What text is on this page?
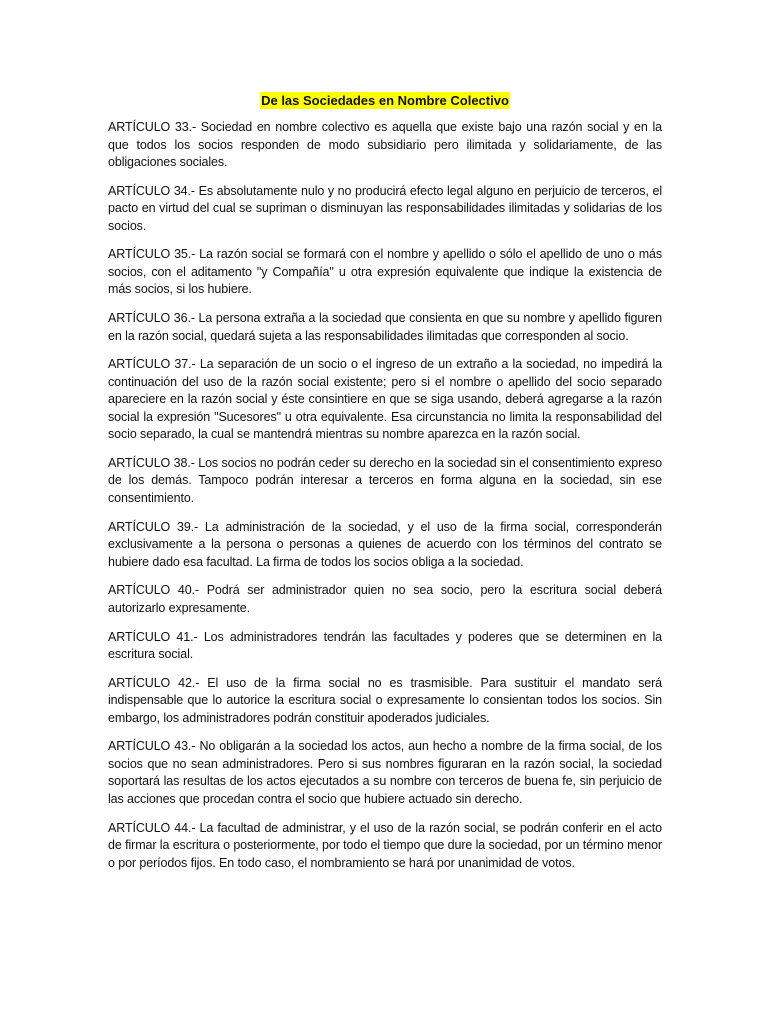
De las Sociedades en Nombre Colectivo

ARTÍCULO 33.- Sociedad en nombre colectivo es aquella que existe bajo una razón social y en la que todos los socios responden de modo subsidiario pero ilimitada y solidariamente, de las obligaciones sociales.

ARTÍCULO 34.- Es absolutamente nulo y no producirá efecto legal alguno en perjuicio de terceros, el pacto en virtud del cual se supriman o disminuyan las responsabilidades ilimitadas y solidarias de los socios.

ARTÍCULO 35.- La razón social se formará con el nombre y apellido o sólo el apellido de uno o más socios, con el aditamento "y Compañía" u otra expresión equivalente que indique la existencia de más socios, si los hubiere.

ARTÍCULO 36.- La persona extraña a la sociedad que consienta en que su nombre y apellido figuren en la razón social, quedará sujeta a las responsabilidades ilimitadas que corresponden al socio.

ARTÍCULO 37.- La separación de un socio o el ingreso de un extraño a la sociedad, no impedirá la continuación del uso de la razón social existente; pero si el nombre o apellido del socio separado apareciere en la razón social y éste consintiere en que se siga usando, deberá agregarse a la razón social la expresión "Sucesores" u otra equivalente. Esa circunstancia no limita la responsabilidad del socio separado, la cual se mantendrá mientras su nombre aparezca en la razón social.

ARTÍCULO 38.- Los socios no podrán ceder su derecho en la sociedad sin el consentimiento expreso de los demás. Tampoco podrán interesar a terceros en forma alguna en la sociedad, sin ese consentimiento.

ARTÍCULO 39.- La administración de la sociedad, y el uso de la firma social, corresponderán exclusivamente a la persona o personas a quienes de acuerdo con los términos del contrato se hubiere dado esa facultad. La firma de todos los socios obliga a la sociedad.

ARTÍCULO 40.- Podrá ser administrador quien no sea socio, pero la escritura social deberá autorizarlo expresamente.

ARTÍCULO 41.- Los administradores tendrán las facultades y poderes que se determinen en la escritura social.

ARTÍCULO 42.- El uso de la firma social no es trasmisible. Para sustituir el mandato será indispensable que lo autorice la escritura social o expresamente lo consientan todos los socios. Sin embargo, los administradores podrán constituir apoderados judiciales.

ARTÍCULO 43.- No obligarán a la sociedad los actos, aun hecho a nombre de la firma social, de los socios que no sean administradores. Pero si sus nombres figuraran en la razón social, la sociedad soportará las resultas de los actos ejecutados a su nombre con terceros de buena fe, sin perjuicio de las acciones que procedan contra el socio que hubiere actuado sin derecho.

ARTÍCULO 44.- La facultad de administrar, y el uso de la razón social, se podrán conferir en el acto de firmar la escritura o posteriormente, por todo el tiempo que dure la sociedad, por un término menor o por períodos fijos. En todo caso, el nombramiento se hará por unanimidad de votos.
